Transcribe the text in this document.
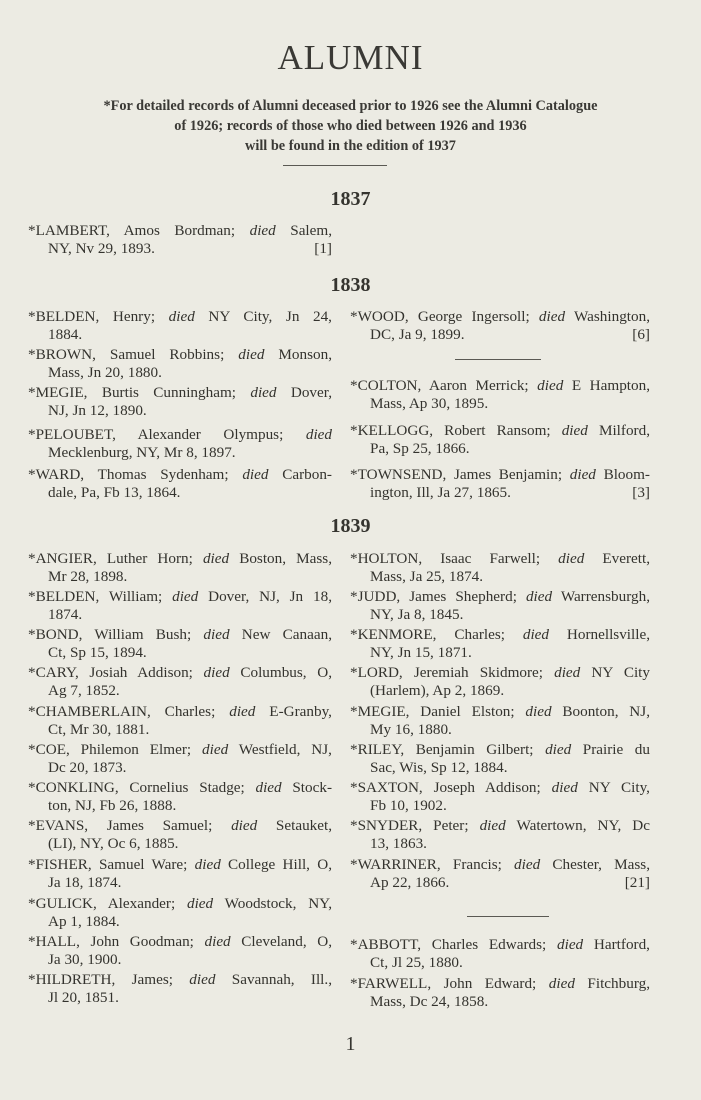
ALUMNI
*For detailed records of Alumni deceased prior to 1926 see the Alumni Catalogue
of 1926; records of those who died between 1926 and 1936
will be found in the edition of 1937
1837
*LAMBERT, Amos Bordman; died Salem,
NY, Nv 29, 1893.	[1]
1838
*BELDEN, Henry; died NY City, Jn 24,
1884.
*BROWN, Samuel Robbins; died Monson,
Mass, Jn 20, 1880.
*MEGIE, Burtis Cunningham; died Dover,
NJ, Jn 12, 1890.
*PELOUBET, Alexander Olympus; died
Mecklenburg, NY, Mr 8, 1897.
*WARD, Thomas Sydenham; died Carbon-
dale, Pa, Fb 13, 1864.
*WOOD, George Ingersoll; died Washington,
DC, Ja 9, 1899.	[6]
*COLTON, Aaron Merrick; died E Hampton,
Mass, Ap 30, 1895.
*KELLOGG, Robert Ransom; died Milford,
Pa, Sp 25, 1866.
*TOWNSEND, James Benjamin; died Bloom-
ington, Ill, Ja 27, 1865.	[3]
1839
*ANGIER, Luther Horn; died Boston, Mass,
Mr 28, 1898.
*BELDEN, William; died Dover, NJ, Jn 18,
1874.
*BOND, William Bush; died New Canaan,
Ct, Sp 15, 1894.
*CARY, Josiah Addison; died Columbus, O,
Ag 7, 1852.
*CHAMBERLAIN, Charles; died E-Granby,
Ct, Mr 30, 1881.
*COE, Philemon Elmer; died Westfield, NJ,
Dc 20, 1873.
*CONKLING, Cornelius Stadge; died Stock-
ton, NJ, Fb 26, 1888.
*EVANS, James Samuel; died Setauket,
(LI), NY, Oc 6, 1885.
*FISHER, Samuel Ware; died College Hill, O,
Ja 18, 1874.
*GULICK, Alexander; died Woodstock, NY,
Ap 1, 1884.
*HALL, John Goodman; died Cleveland, O,
Ja 30, 1900.
*HILDRETH, James; died Savannah, Ill.,
Jl 20, 1851.
*HOLTON, Isaac Farwell; died Everett,
Mass, Ja 25, 1874.
*JUDD, James Shepherd; died Warrensburgh,
NY, Ja 8, 1845.
*KENMORE, Charles; died Hornellsville,
NY, Jn 15, 1871.
*LORD, Jeremiah Skidmore; died NY City
(Harlem), Ap 2, 1869.
*MEGIE, Daniel Elston; died Boonton, NJ,
My 16, 1880.
*RILEY, Benjamin Gilbert; died Prairie du
Sac, Wis, Sp 12, 1884.
*SAXTON, Joseph Addison; died NY City,
Fb 10, 1902.
*SNYDER, Peter; died Watertown, NY, Dc
13, 1863.
*WARRINER, Francis; died Chester, Mass,
Ap 22, 1866.	[21]
*ABBOTT, Charles Edwards; died Hartford,
Ct, Jl 25, 1880.
*FARWELL, John Edward; died Fitchburg,
Mass, Dc 24, 1858.
1
